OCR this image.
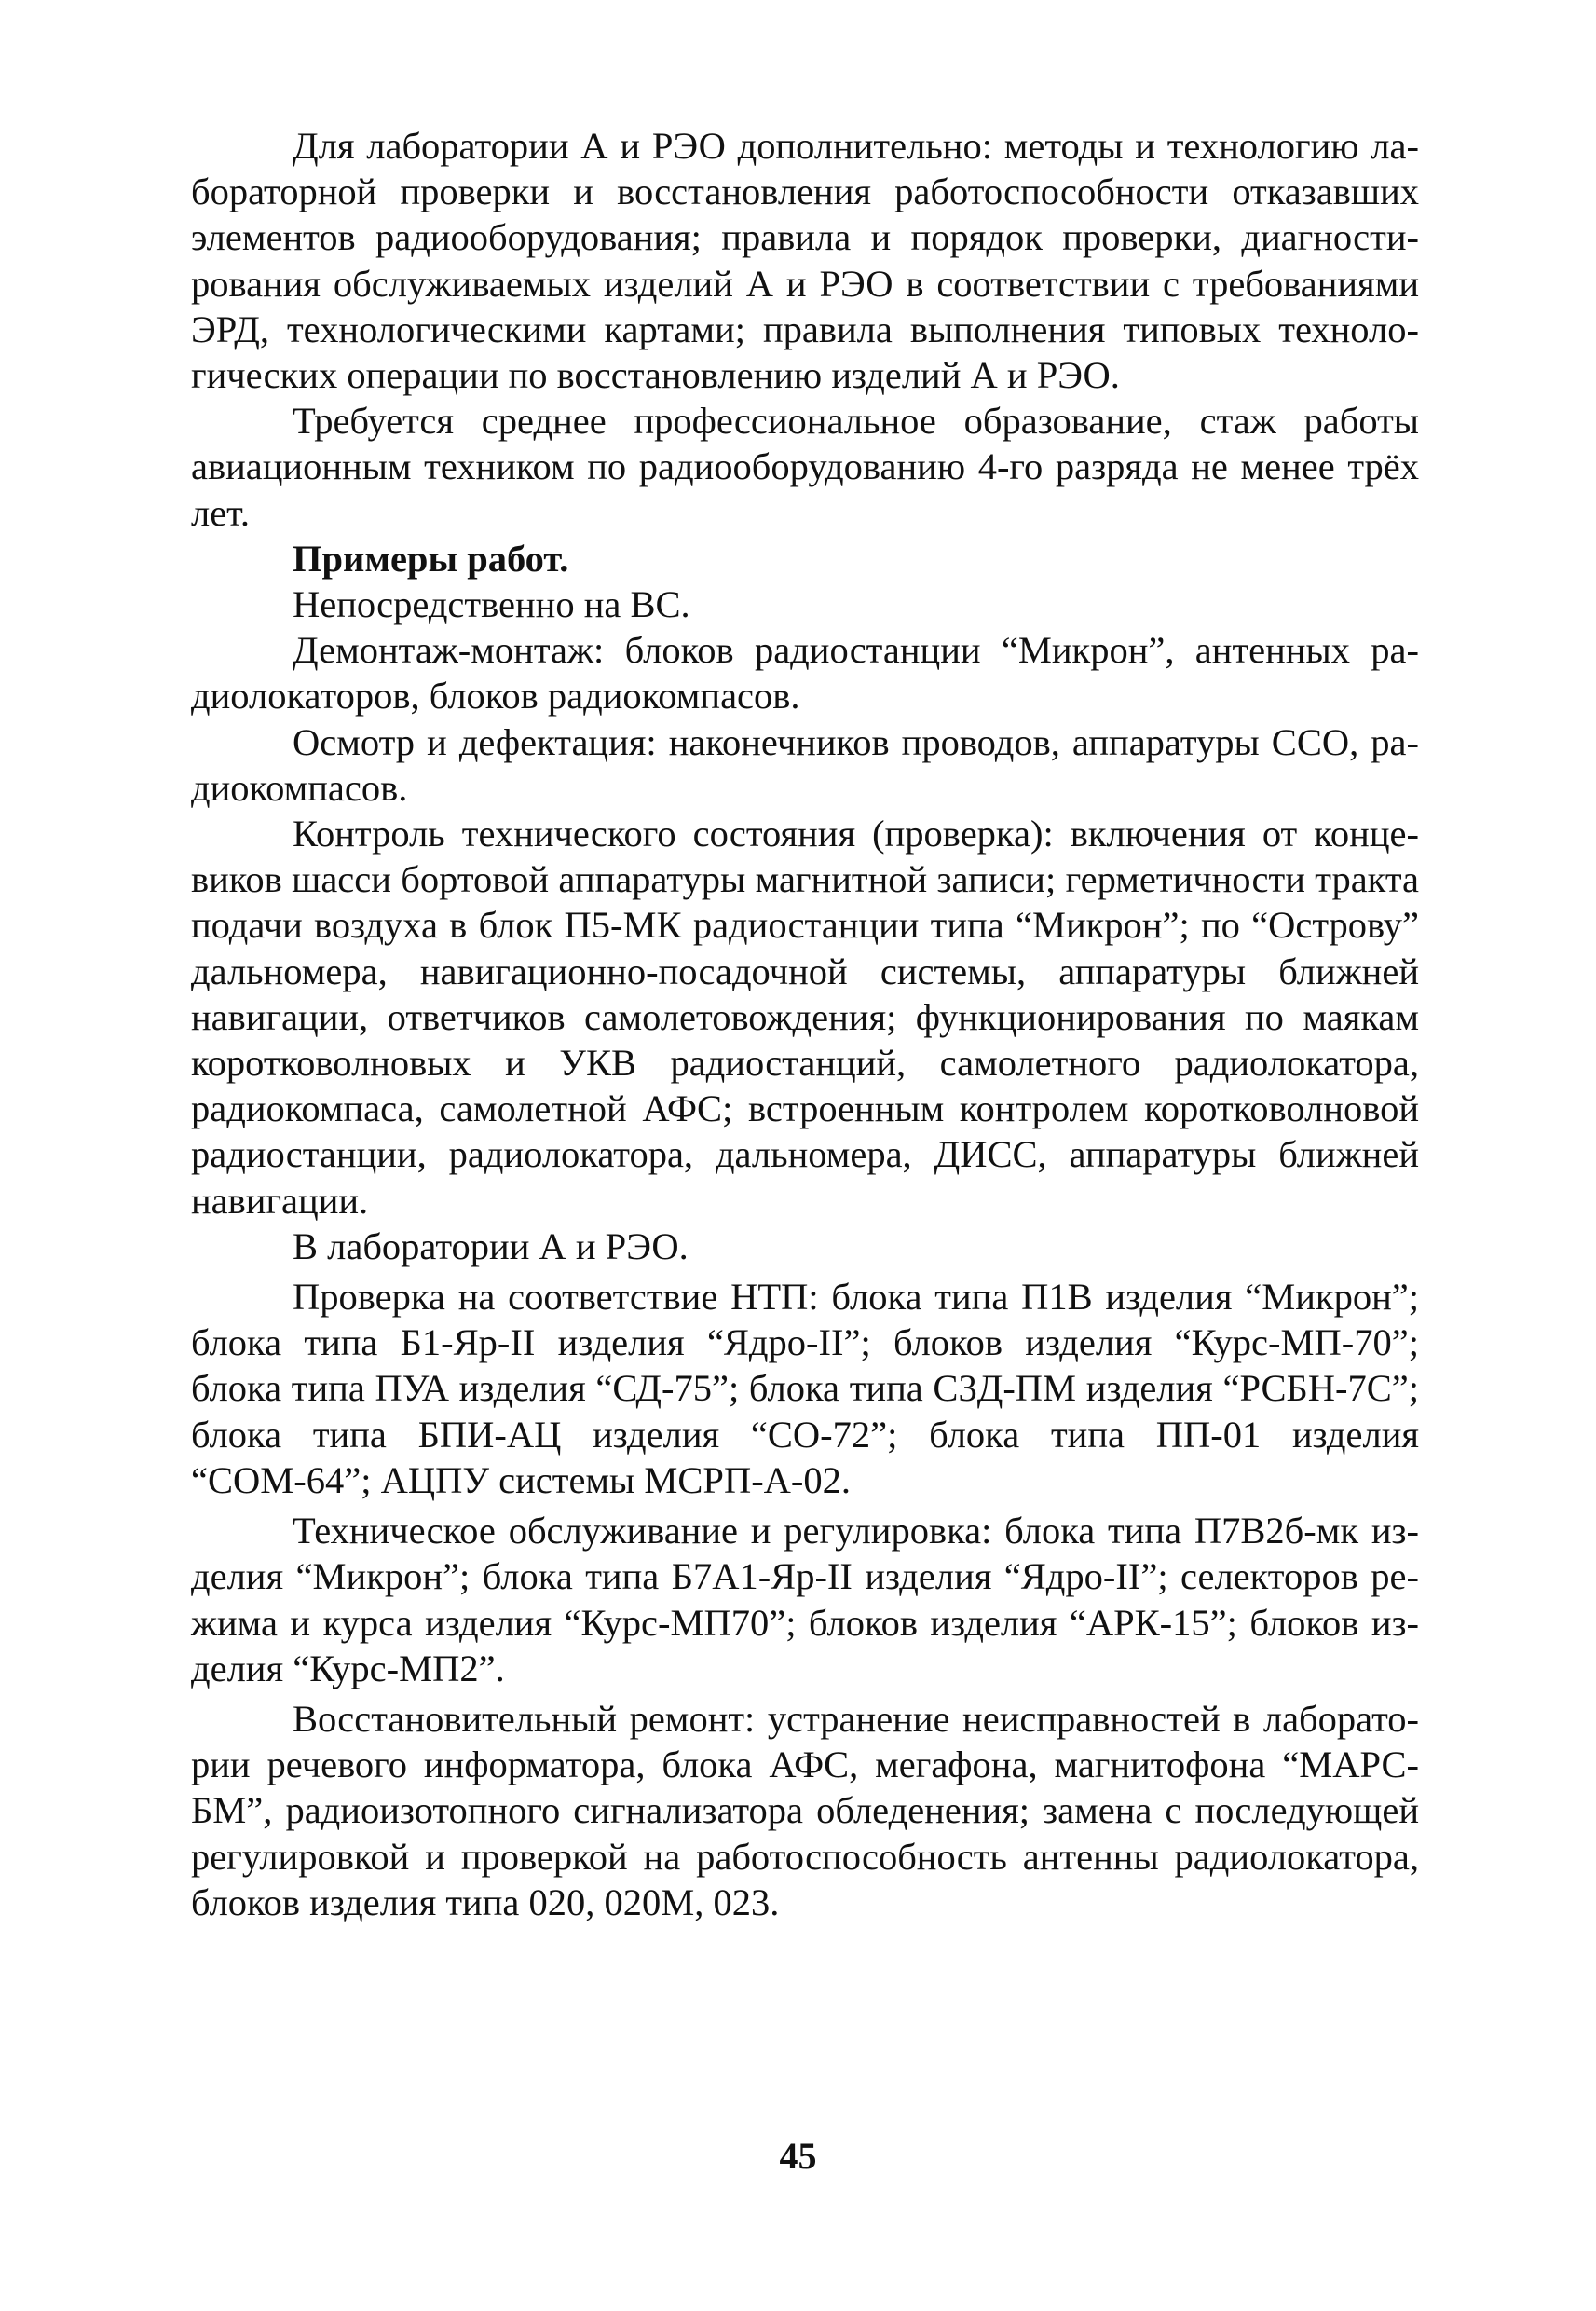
Для лаборатории А и РЭО дополнительно: методы и технологию лабораторной проверки и восстановления работоспособности отказавших элементов радиооборудования; правила и порядок проверки, диагностирования обслуживаемых изделий А и РЭО в соответствии с требованиями ЭРД, технологическими картами; правила выполнения типовых технологических операции по восстановлению изделий А и РЭО.

Требуется среднее профессиональное образование, стаж работы авиационным техником по радиооборудованию 4-го разряда не менее трёх лет.

Примеры работ.

Непосредственно на ВС.

Демонтаж-монтаж: блоков радиостанции “Микрон”, антенных радиолокаторов, блоков радиокомпасов.

Осмотр и дефектация: наконечников проводов, аппаратуры ССО, радиокомпасов.

Контроль технического состояния (проверка): включения от концевиков шасси бортовой аппаратуры магнитной записи; герметичности тракта подачи воздуха в блок П5-МК радиостанции типа “Микрон”; по “Острову” дальномера, навигационно-посадочной системы, аппаратуры ближней навигации, ответчиков самолетовождения; функционирования по маякам коротковолновых и УКВ радиостанций, самолетного радиолокатора, радиокомпаса, самолетной АФС; встроенным контролем коротковолновой радиостанции, радиолокатора, дальномера, ДИСС, аппаратуры ближней навигации.

В лаборатории А и РЭО.

Проверка на соответствие НТП: блока типа П1В изделия “Микрон”; блока типа Б1-Яр-II изделия “Ядро-II”; блоков изделия “Курс-МП-70”; блока типа ПУА изделия “СД-75”; блока типа С3Д-ПМ изделия “РСБН-7С”; блока типа БПИ-АЦ изделия “СО-72”; блока типа ПП-01 изделия “СОМ-64”; АЦПУ системы МСРП-А-02.

Техническое обслуживание и регулировка: блока типа П7В2б-мк изделия “Микрон”; блока типа Б7А1-Яр-II изделия “Ядро-II”; селекторов режима и курса изделия “Курс-МП70”; блоков изделия “АРК-15”; блоков изделия “Курс-МП2”.

Восстановительный ремонт: устранение неисправностей в лаборатории речевого информатора, блока АФС, мегафона, магнитофона “МАРС-БМ”, радиоизотопного сигнализатора обледенения; замена с последующей регулировкой и проверкой на работоспособность антенны радиолокатора, блоков изделия типа 020, 020М, 023.

45
